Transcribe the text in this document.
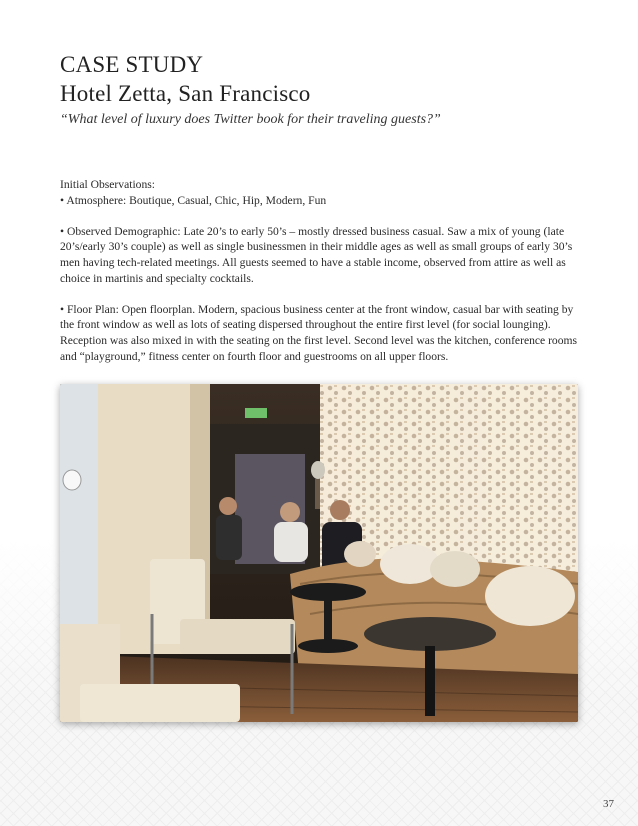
CASE STUDY
Hotel Zetta, San Francisco

“What level of luxury does Twitter book for their traveling guests?”

Initial Observations:

• Atmosphere: Boutique, Casual, Chic, Hip, Modern, Fun

• Observed Demographic: Late 20’s to early 50’s – mostly dressed business casual. Saw a mix of young (late 20’s/early 30’s couple) as well as single businessmen in their middle ages as well as small groups of early 30’s men having tech-related meetings. All guests seemed to have a stable income, observed from attire as well as choice in martinis and specialty cocktails.

• Floor Plan: Open floorplan. Modern, spacious business center at the front window, casual bar with seating by the front window as well as lots of seating dispersed throughout the entire first level (for social lounging). Reception was also mixed in with the seating on the first level. Second level was the kitchen, conference rooms and “playground,” fitness center on fourth floor and guestrooms on all upper floors.

37
